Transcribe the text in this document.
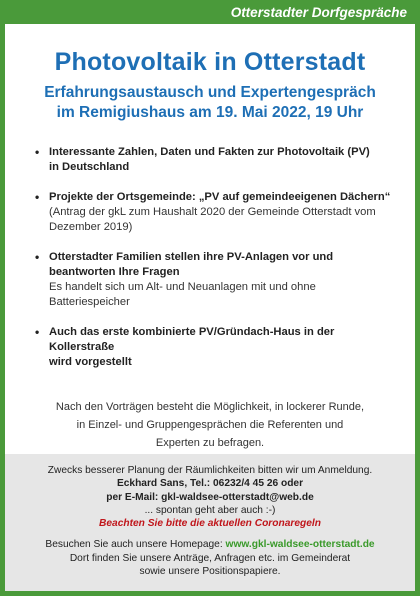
Otterstadter Dorfgespräche
Photovoltaik in Otterstadt
Erfahrungsaustausch und Expertengespräch
im Remigiushaus am 19. Mai 2022, 19 Uhr
• Interessante Zahlen, Daten und Fakten zur Photovoltaik (PV)
in Deutschland
• Projekte der Ortsgemeinde: „PV auf gemeindeeigenen Dächern“
(Antrag der gkL zum Haushalt 2020 der Gemeinde Otterstadt vom
Dezember 2019)
• Otterstadter Familien stellen ihre PV-Anlagen vor und
beantworten Ihre Fragen
Es handelt sich um Alt- und Neuanlagen mit und ohne
Batteriespeicher
• Auch das erste kombinierte PV/Gründach-Haus in der Kollerstraße
wird vorgestellt
Nach den Vorträgen besteht die Möglichkeit, in lockerer Runde,
in Einzel- und Gruppengesprächen die Referenten und
Experten zu befragen.
Zwecks besserer Planung der Räumlichkeiten bitten wir um Anmeldung.
Eckhard Sans, Tel.: 06232/4 45 26 oder
per E-Mail: gkl-waldsee-otterstadt@web.de
... spontan geht aber auch :-)
Beachten Sie bitte die aktuellen Coronaregeln
Besuchen Sie auch unsere Homepage: www.gkl-waldsee-otterstadt.de
Dort finden Sie unsere Anträge, Anfragen etc. im Gemeinderat
sowie unsere Positionspapiere.
